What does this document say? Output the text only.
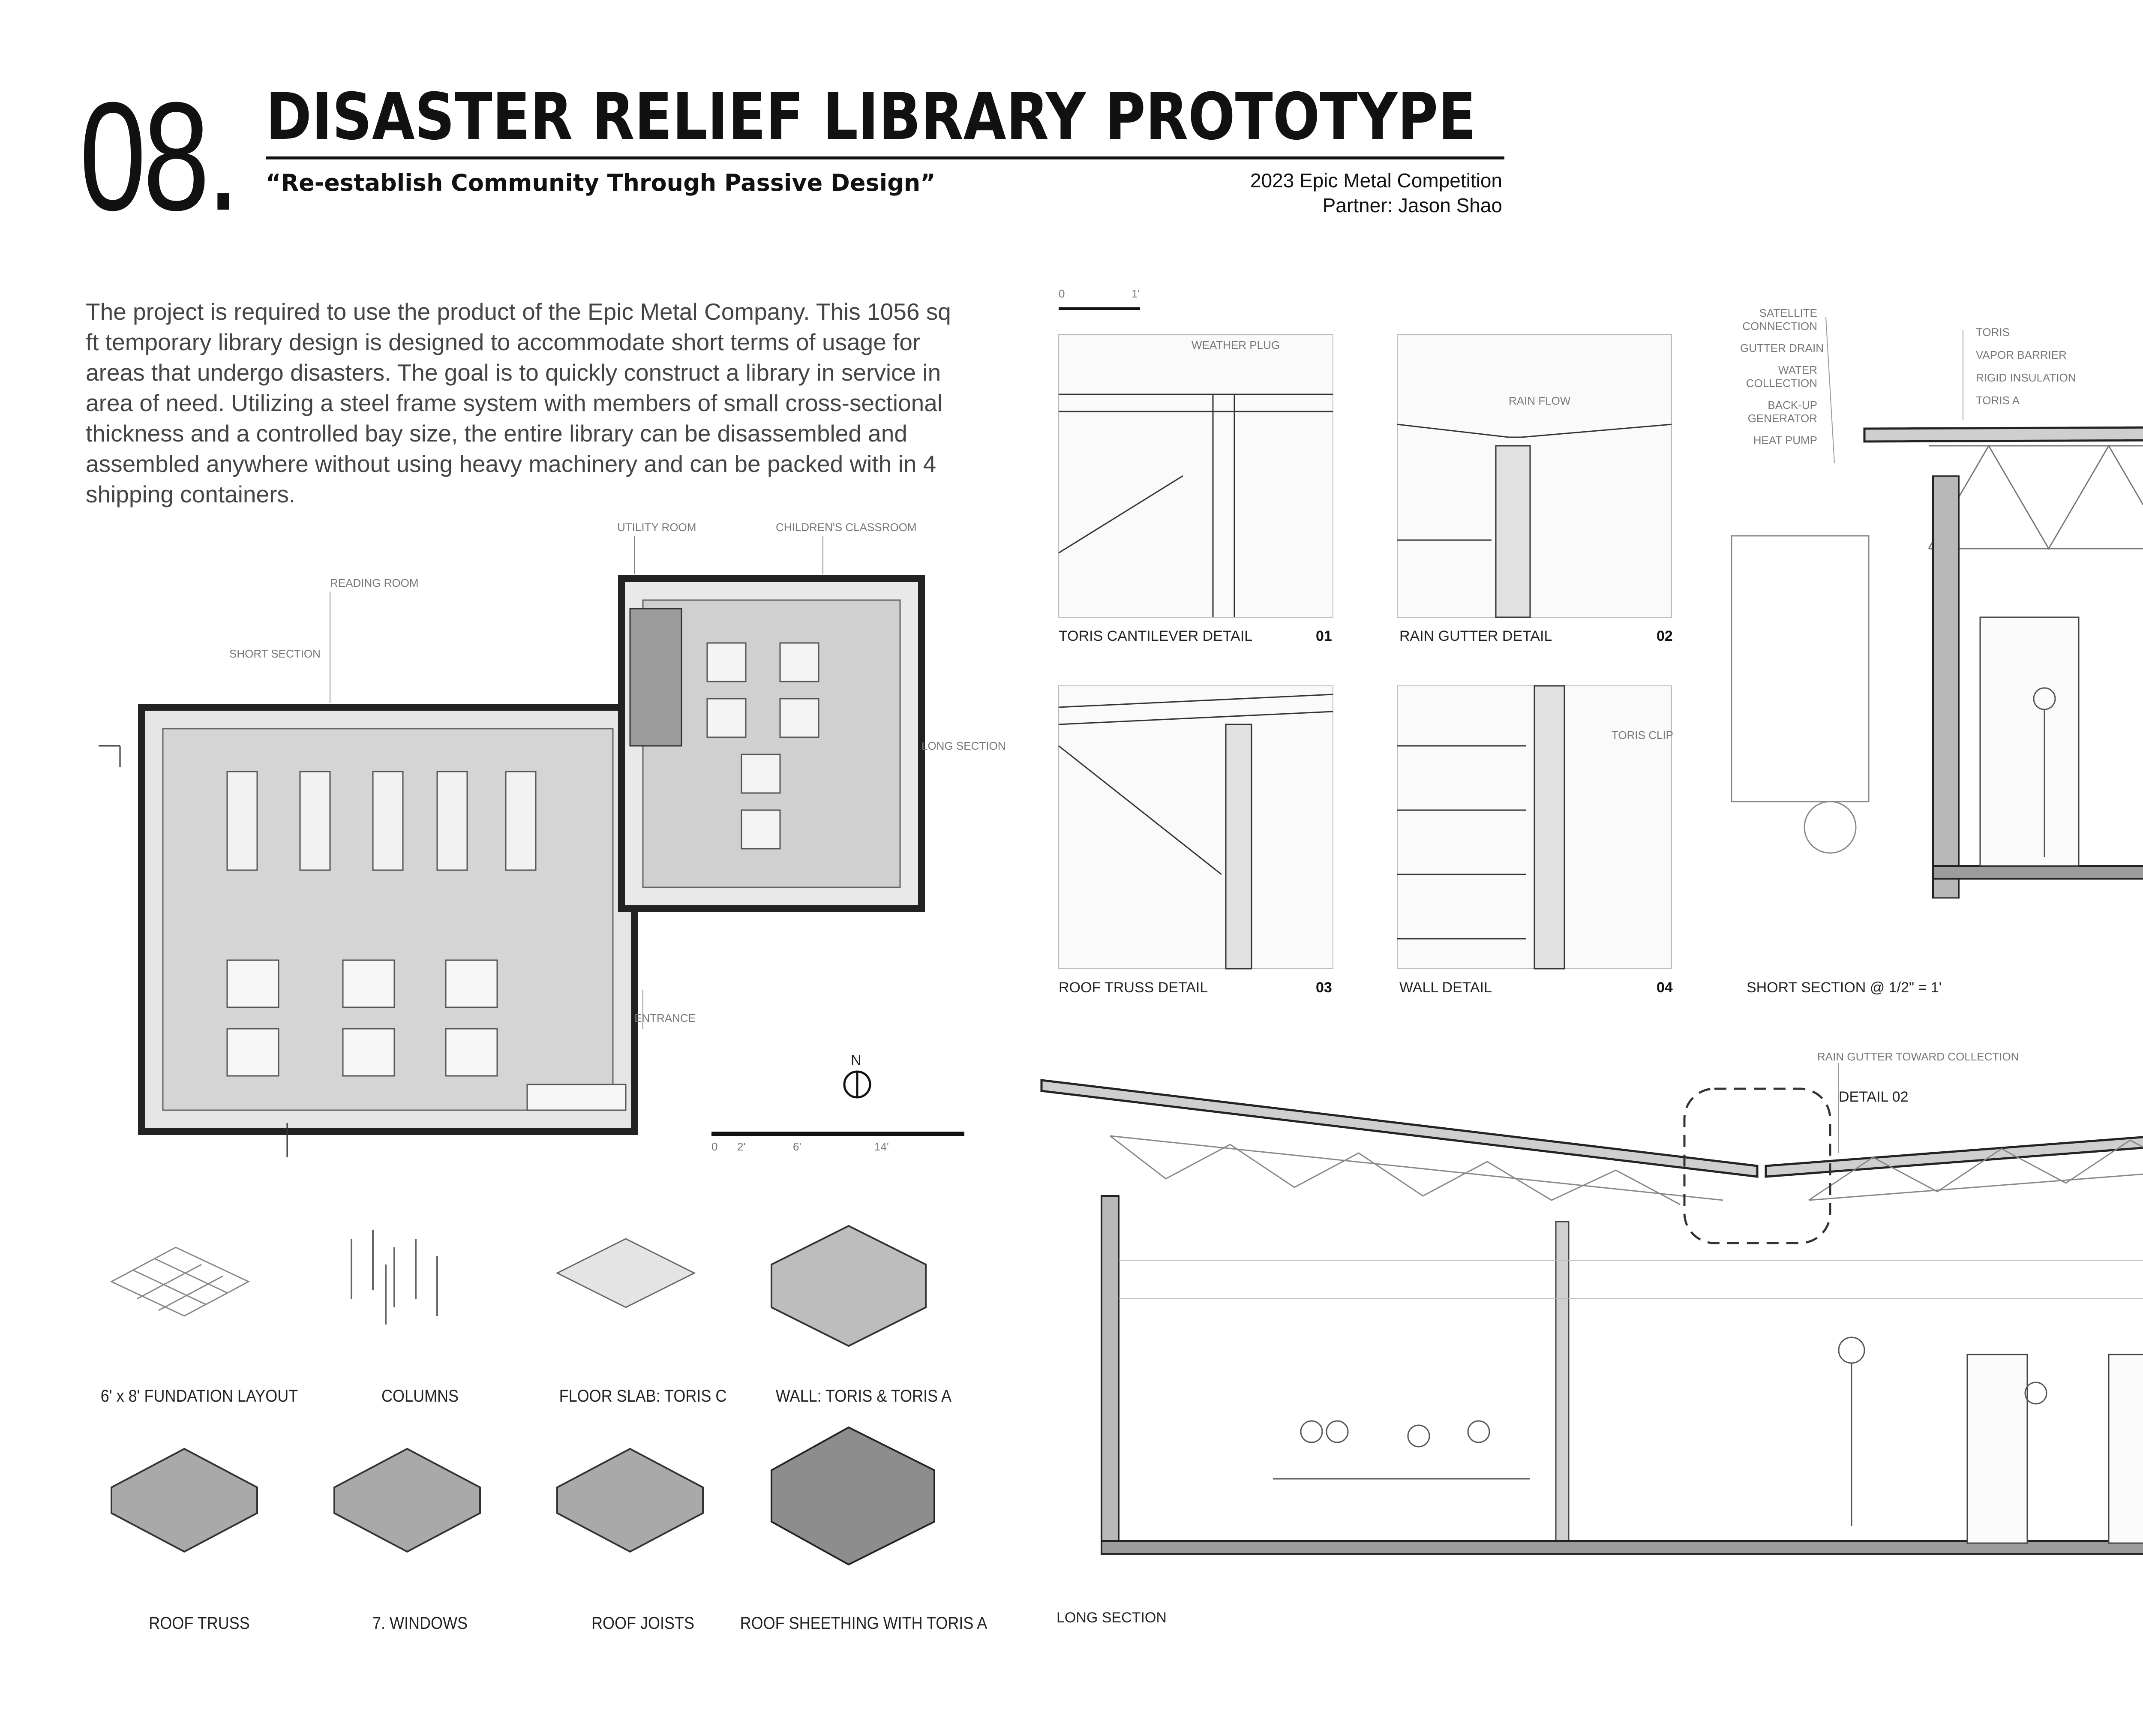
08. DISASTER RELIEF LIBRARY PROTOTYPE
“Re-establish Community Through Passive Design”	2023 Epic Metal Competition
Partner: Jason Shao
The project is required to use the product of the Epic Metal Company. This 1056 sq ft temporary library design is designed to accommodate short terms of usage for areas that undergo disasters. The goal is to quickly construct a library in service in area of need. Utilizing a steel frame system with members of small cross-sectional thickness and a controlled bay size, the entire library can be disassembled and assembled anywhere without using heavy machinery and can be packed with in 4 shipping containers.
READING ROOM
UTILITY ROOM	CHILDREN'S CLASSROOM
SHORT SECTION
LONG SECTION
ENTRANCE
N
0 2'	6'	14'
6' x 8' FUNDATION LAYOUT	COLUMNS	FLOOR SLAB: TORIS C	WALL: TORIS & TORIS A
ROOF TRUSS	7. WINDOWS	ROOF JOISTS	ROOF SHEETHING WITH TORIS A
0	1'
WEATHER PLUG
TORIS CANTILEVER DETAIL	01
RAIN FLOW
RAIN GUTTER DETAIL	02
ROOF TRUSS DETAIL	03
TORIS CLIP
WALL DETAIL	04
SATELLITE CONNECTION
GUTTER DRAIN
WATER COLLECTION
BACK-UP GENERATOR
HEAT PUMP
TORIS
VAPOR BARRIER
RIGID INSULATION
TORIS A
SHORT SECTION @ 1/2" = 1'
RAIN GUTTER TOWARD COLLECTION
DETAIL 02
LONG SECTION
